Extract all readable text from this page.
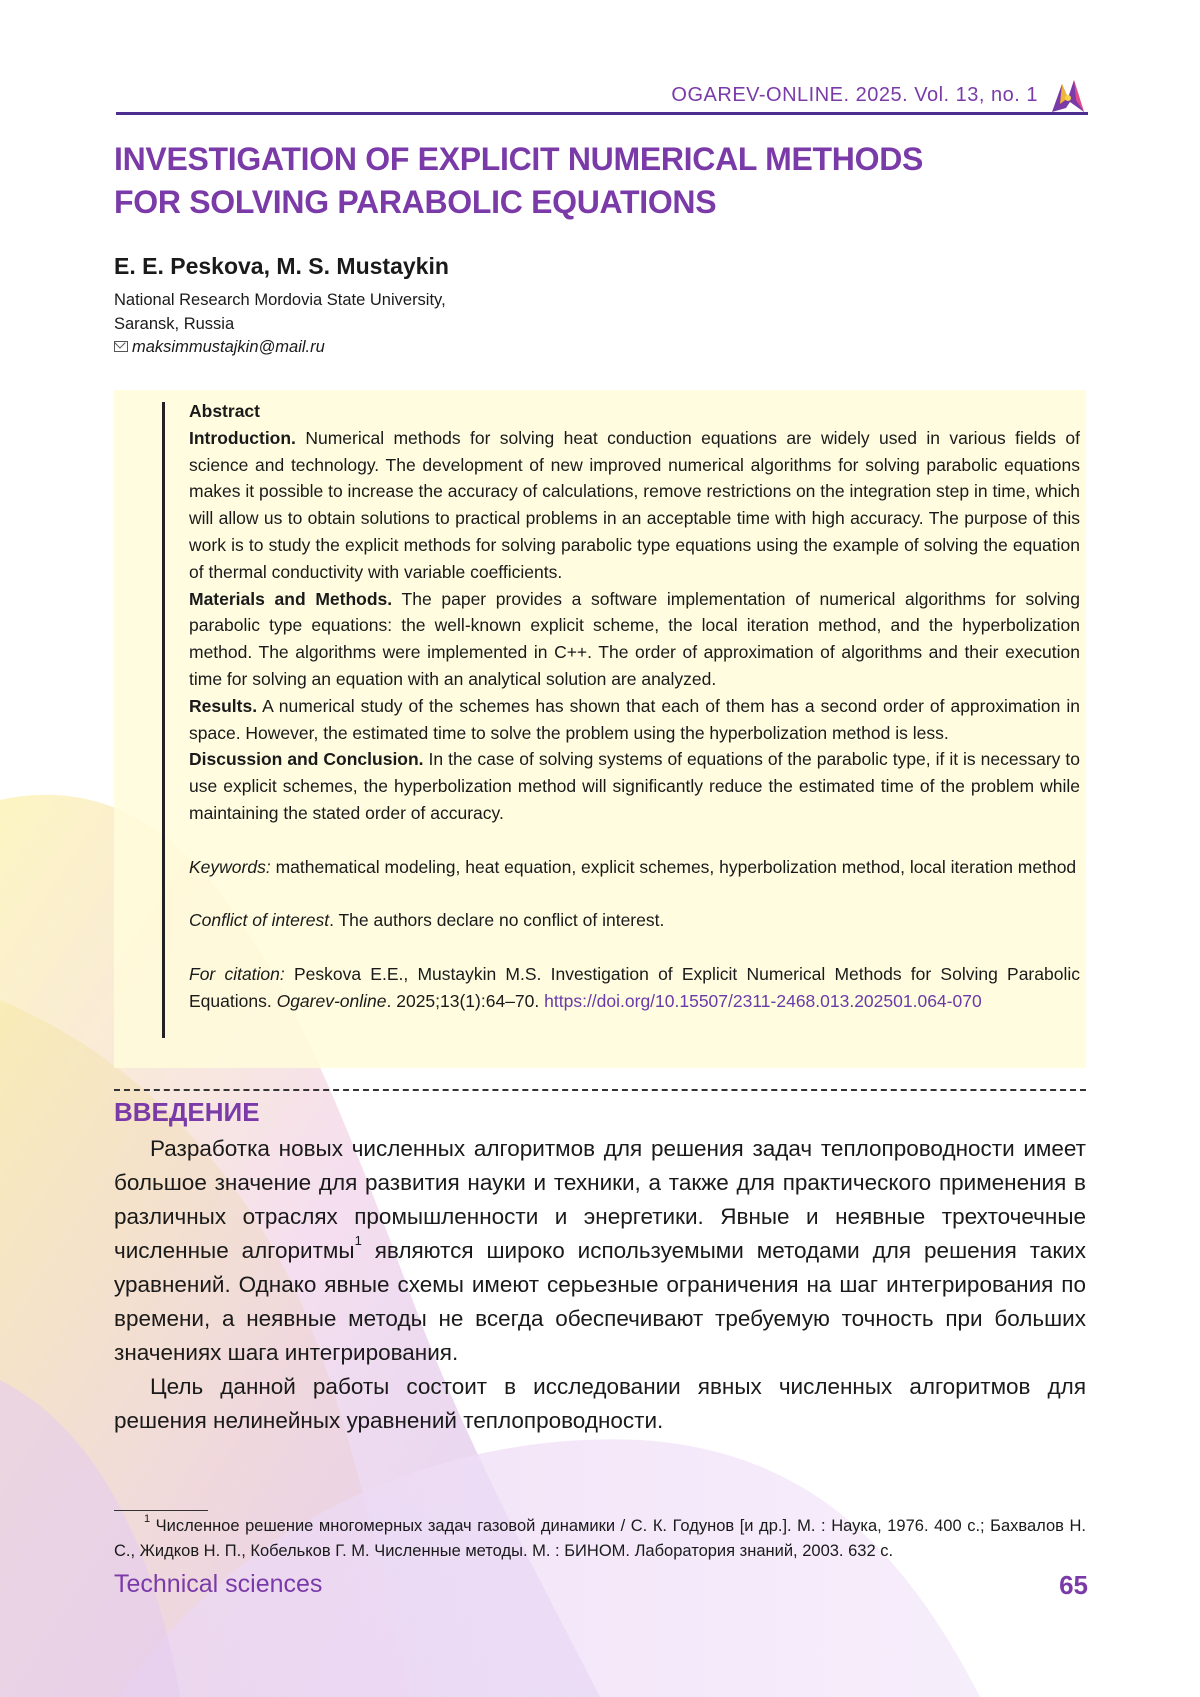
OGAREV-ONLINE. 2025. Vol. 13, no. 1
INVESTIGATION OF EXPLICIT NUMERICAL METHODS
FOR SOLVING PARABOLIC EQUATIONS
E. E. Peskova, M. S. Mustaykin
National Research Mordovia State University,
Saransk, Russia
maksimmustajkin@mail.ru

Abstract

Introduction. Numerical methods for solving heat conduction equations are widely used in various fields of science and technology. The development of new improved numerical algorithms for solving parabolic equations makes it possible to increase the accuracy of calculations, remove restrictions on the integration step in time, which will allow us to obtain solutions to practical problems in an acceptable time with high accuracy. The purpose of this work is to study the explicit methods for solving parabolic type equations using the example of solving the equation of thermal conductivity with variable coefficients.

Materials and Methods. The paper provides a software implementation of numerical algorithms for solving parabolic type equations: the well-known explicit scheme, the local iteration method, and the hyperbolization method. The algorithms were implemented in C++. The order of approximation of algorithms and their execution time for solving an equation with an analytical solution are analyzed.

Results. A numerical study of the schemes has shown that each of them has a second order of approximation in space. However, the estimated time to solve the problem using the hyperbolization method is less.

Discussion and Conclusion. In the case of solving systems of equations of the parabolic type, if it is necessary to use explicit schemes, the hyperbolization method will significantly reduce the estimated time of the problem while maintaining the stated order of accuracy.

Keywords: mathematical modeling, heat equation, explicit schemes, hyperbolization method, local iteration method

Conflict of interest. The authors declare no conflict of interest.

For citation: Peskova E.E., Mustaykin M.S. Investigation of Explicit Numerical Methods for Solving Parabolic Equations. Ogarev-online. 2025;13(1):64–70. https://doi.org/10.15507/2311-2468.013.202501.064-070

ВВЕДЕНИЕ

Разработка новых численных алгоритмов для решения задач теплопроводности имеет большое значение для развития науки и техники, а также для практического применения в различных отраслях промышленности и энергетики. Явные и неявные трехточечные численные алгоритмы1 являются широко используемыми методами для решения таких уравнений. Однако явные схемы имеют серьезные ограничения на шаг интегрирования по времени, а неявные методы не всегда обеспечивают требуемую точность при больших значениях шага интегрирования.

Цель данной работы состоит в исследовании явных численных алгоритмов для решения нелинейных уравнений теплопроводности.

1 Численное решение многомерных задач газовой динамики / С. К. Годунов [и др.]. М. : Наука, 1976. 400 с.; Бахвалов Н. С., Жидков Н. П., Кобельков Г. М. Численные методы. М. : БИНОМ. Лаборатория знаний, 2003. 632 с.
Technical sciences	65
